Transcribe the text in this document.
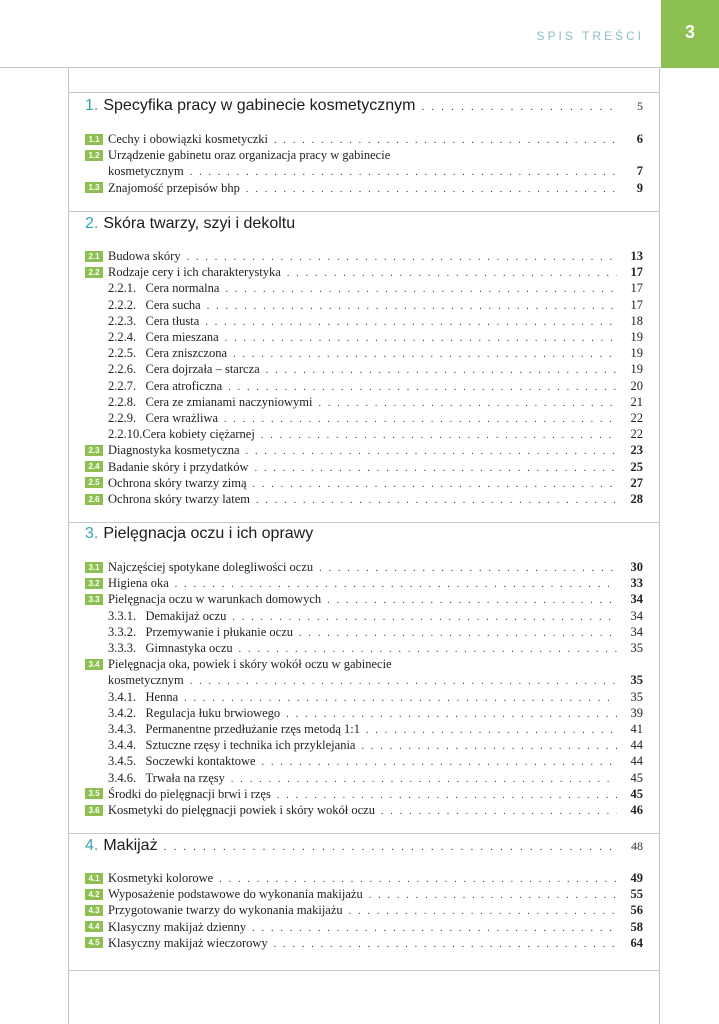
SPIS TREŚCI	3
1. Specyfika pracy w gabinecie kosmetycznym . . .	5
1.1 Cechy i obowiązki kosmetyczki . . .	6
1.2 Urządzenie gabinetu oraz organizacja pracy w gabinecie
kosmetycznym . . .	7
1.3 Znajomość przepisów bhp . . .	9
2. Skóra twarzy, szyi i dekoltu
2.1 Budowa skóry . . .	13
2.2 Rodzaje cery i ich charakterystyka . . .	17
2.2.1. Cera normalna . . .	17
2.2.2. Cera sucha . . .	17
2.2.3. Cera tłusta . . .	18
2.2.4. Cera mieszana . . .	19
2.2.5. Cera zniszczona . . .	19
2.2.6. Cera dojrzała – starcza . . .	19
2.2.7. Cera atroficzna . . .	20
2.2.8. Cera ze zmianami naczyniowymi . . .	21
2.2.9. Cera wrażliwa . . .	22
2.2.10. Cera kobiety ciężarnej . . .	22
2.3 Diagnostyka kosmetyczna . . .	23
2.4 Badanie skóry i przydatków . . .	25
2.5 Ochrona skóry twarzy zimą . . .	27
2.6 Ochrona skóry twarzy latem . . .	28
3. Pielęgnacja oczu i ich oprawy
3.1 Najczęściej spotykane dolegliwości oczu . . .	30
3.2 Higiena oka . . .	33
3.3 Pielęgnacja oczu w warunkach domowych . . .	34
3.3.1. Demakijaż oczu . . .	34
3.3.2. Przemywanie i płukanie oczu . . .	34
3.3.3. Gimnastyka oczu . . .	35
3.4 Pielęgnacja oka, powiek i skóry wokół oczu w gabinecie
kosmetycznym . . .	35
3.4.1. Henna . . .	35
3.4.2. Regulacja łuku brwiowego . . .	39
3.4.3. Permanentne przedłużanie rzęs metodą 1:1 . . .	41
3.4.4. Sztuczne rzęsy i technika ich przyklejania . . .	44
3.4.5. Soczewki kontaktowe . . .	44
3.4.6. Trwała na rzęsy . . .	45
3.5 Środki do pielęgnacji brwi i rzęs . . .	45
3.6 Kosmetyki do pielęgnacji powiek i skóry wokół oczu . . .	46
4. Makijaż . . .	48
4.1 Kosmetyki kolorowe . . .	49
4.2 Wyposażenie podstawowe do wykonania makijażu . . .	55
4.3 Przygotowanie twarzy do wykonania makijażu . . .	56
4.4 Klasyczny makijaż dzienny . . .	58
4.5 Klasyczny makijaż wieczorowy . . .	64
